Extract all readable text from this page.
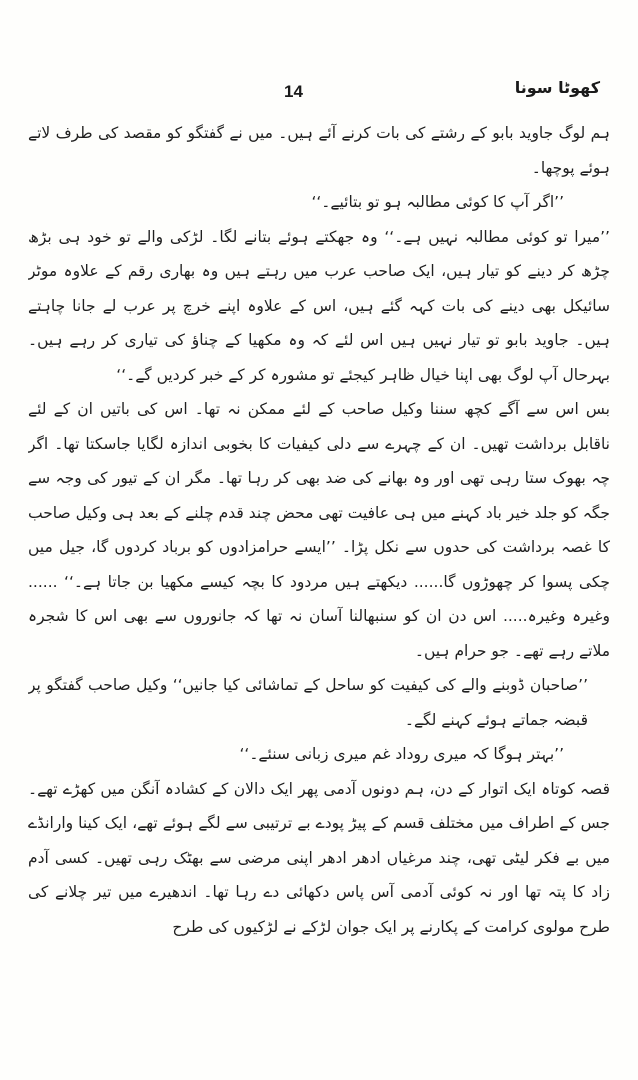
14	کھوٹا سونا

ہم لوگ جاوید بابو کے رشتے کی بات کرنے آئے ہیں۔ میں نے گفتگو کو مقصد کی طرف لاتے ہوئے پوچھا۔

’’اگر آپ کا کوئی مطالبہ ہو تو بتائیے۔‘‘

’’میرا تو کوئی مطالبہ نہیں ہے۔‘‘ وہ جھکتے ہوئے بتانے لگا۔ لڑکی والے تو خود ہی بڑھ چڑھ کر دینے کو تیار ہیں، ایک صاحب عرب میں رہتے ہیں وہ بھاری رقم کے علاوہ موٹر سائیکل بھی دینے کی بات کہہ گئے ہیں، اس کے علاوہ اپنے خرچ پر عرب لے جانا چاہتے ہیں۔ جاوید بابو تو تیار نہیں ہیں اس لئے کہ وہ مکھیا کے چناؤ کی تیاری کر رہے ہیں۔ بہرحال آپ لوگ بھی اپنا خیال ظاہر کیجئے تو مشورہ کر کے خبر کردیں گے۔‘‘

بس اس سے آگے کچھ سننا وکیل صاحب کے لئے ممکن نہ تھا۔ اس کی باتیں ان کے لئے ناقابل برداشت تھیں۔ ان کے چہرے سے دلی کیفیات کا بخوبی اندازہ لگایا جاسکتا تھا۔ اگر چہ بھوک ستا رہی تھی اور وہ بھانے کی ضد بھی کر رہا تھا۔ مگر ان کے تیور کی وجہ سے جگہ کو جلد خیر باد کہنے میں ہی عافیت تھی محض چند قدم چلنے کے بعد ہی وکیل صاحب کا غصہ برداشت کی حدوں سے نکل پڑا۔ ’’ایسے حرامزادوں کو برباد کردوں گا، جیل میں چکی پسوا کر چھوڑوں گا...... دیکھتے ہیں مردود کا بچہ کیسے مکھیا بن جاتا ہے۔‘‘ ...... وغیرہ وغیرہ..... اس دن ان کو سنبھالنا آسان نہ تھا کہ جانوروں سے بھی اس کا شجرہ ملاتے رہے تھے۔ جو حرام ہیں۔

’’صاحبان ڈوبنے والے کی کیفیت کو ساحل کے تماشائی کیا جانیں‘‘ وکیل صاحب گفتگو پر قبضہ جماتے ہوئے کہنے لگے۔

’’بہتر ہوگا کہ میری روداد غم میری زبانی سنئے۔‘‘

قصہ کوتاہ ایک اتوار کے دن، ہم دونوں آدمی پھر ایک دالان کے کشادہ آنگن میں کھڑے تھے۔ جس کے اطراف میں مختلف قسم کے پیڑ پودے بے ترتیبی سے لگے ہوئے تھے، ایک کینا وارانڈے میں بے فکر لیٹی تھی، چند مرغیاں ادھر ادھر اپنی مرضی سے بھٹک رہی تھیں۔ کسی آدم زاد کا پتہ تھا اور نہ کوئی آدمی آس پاس دکھائی دے رہا تھا۔ اندھیرے میں تیر چلانے کی طرح مولوی کرامت کے پکارنے پر ایک جوان لڑکے نے لڑکیوں کی طرح
